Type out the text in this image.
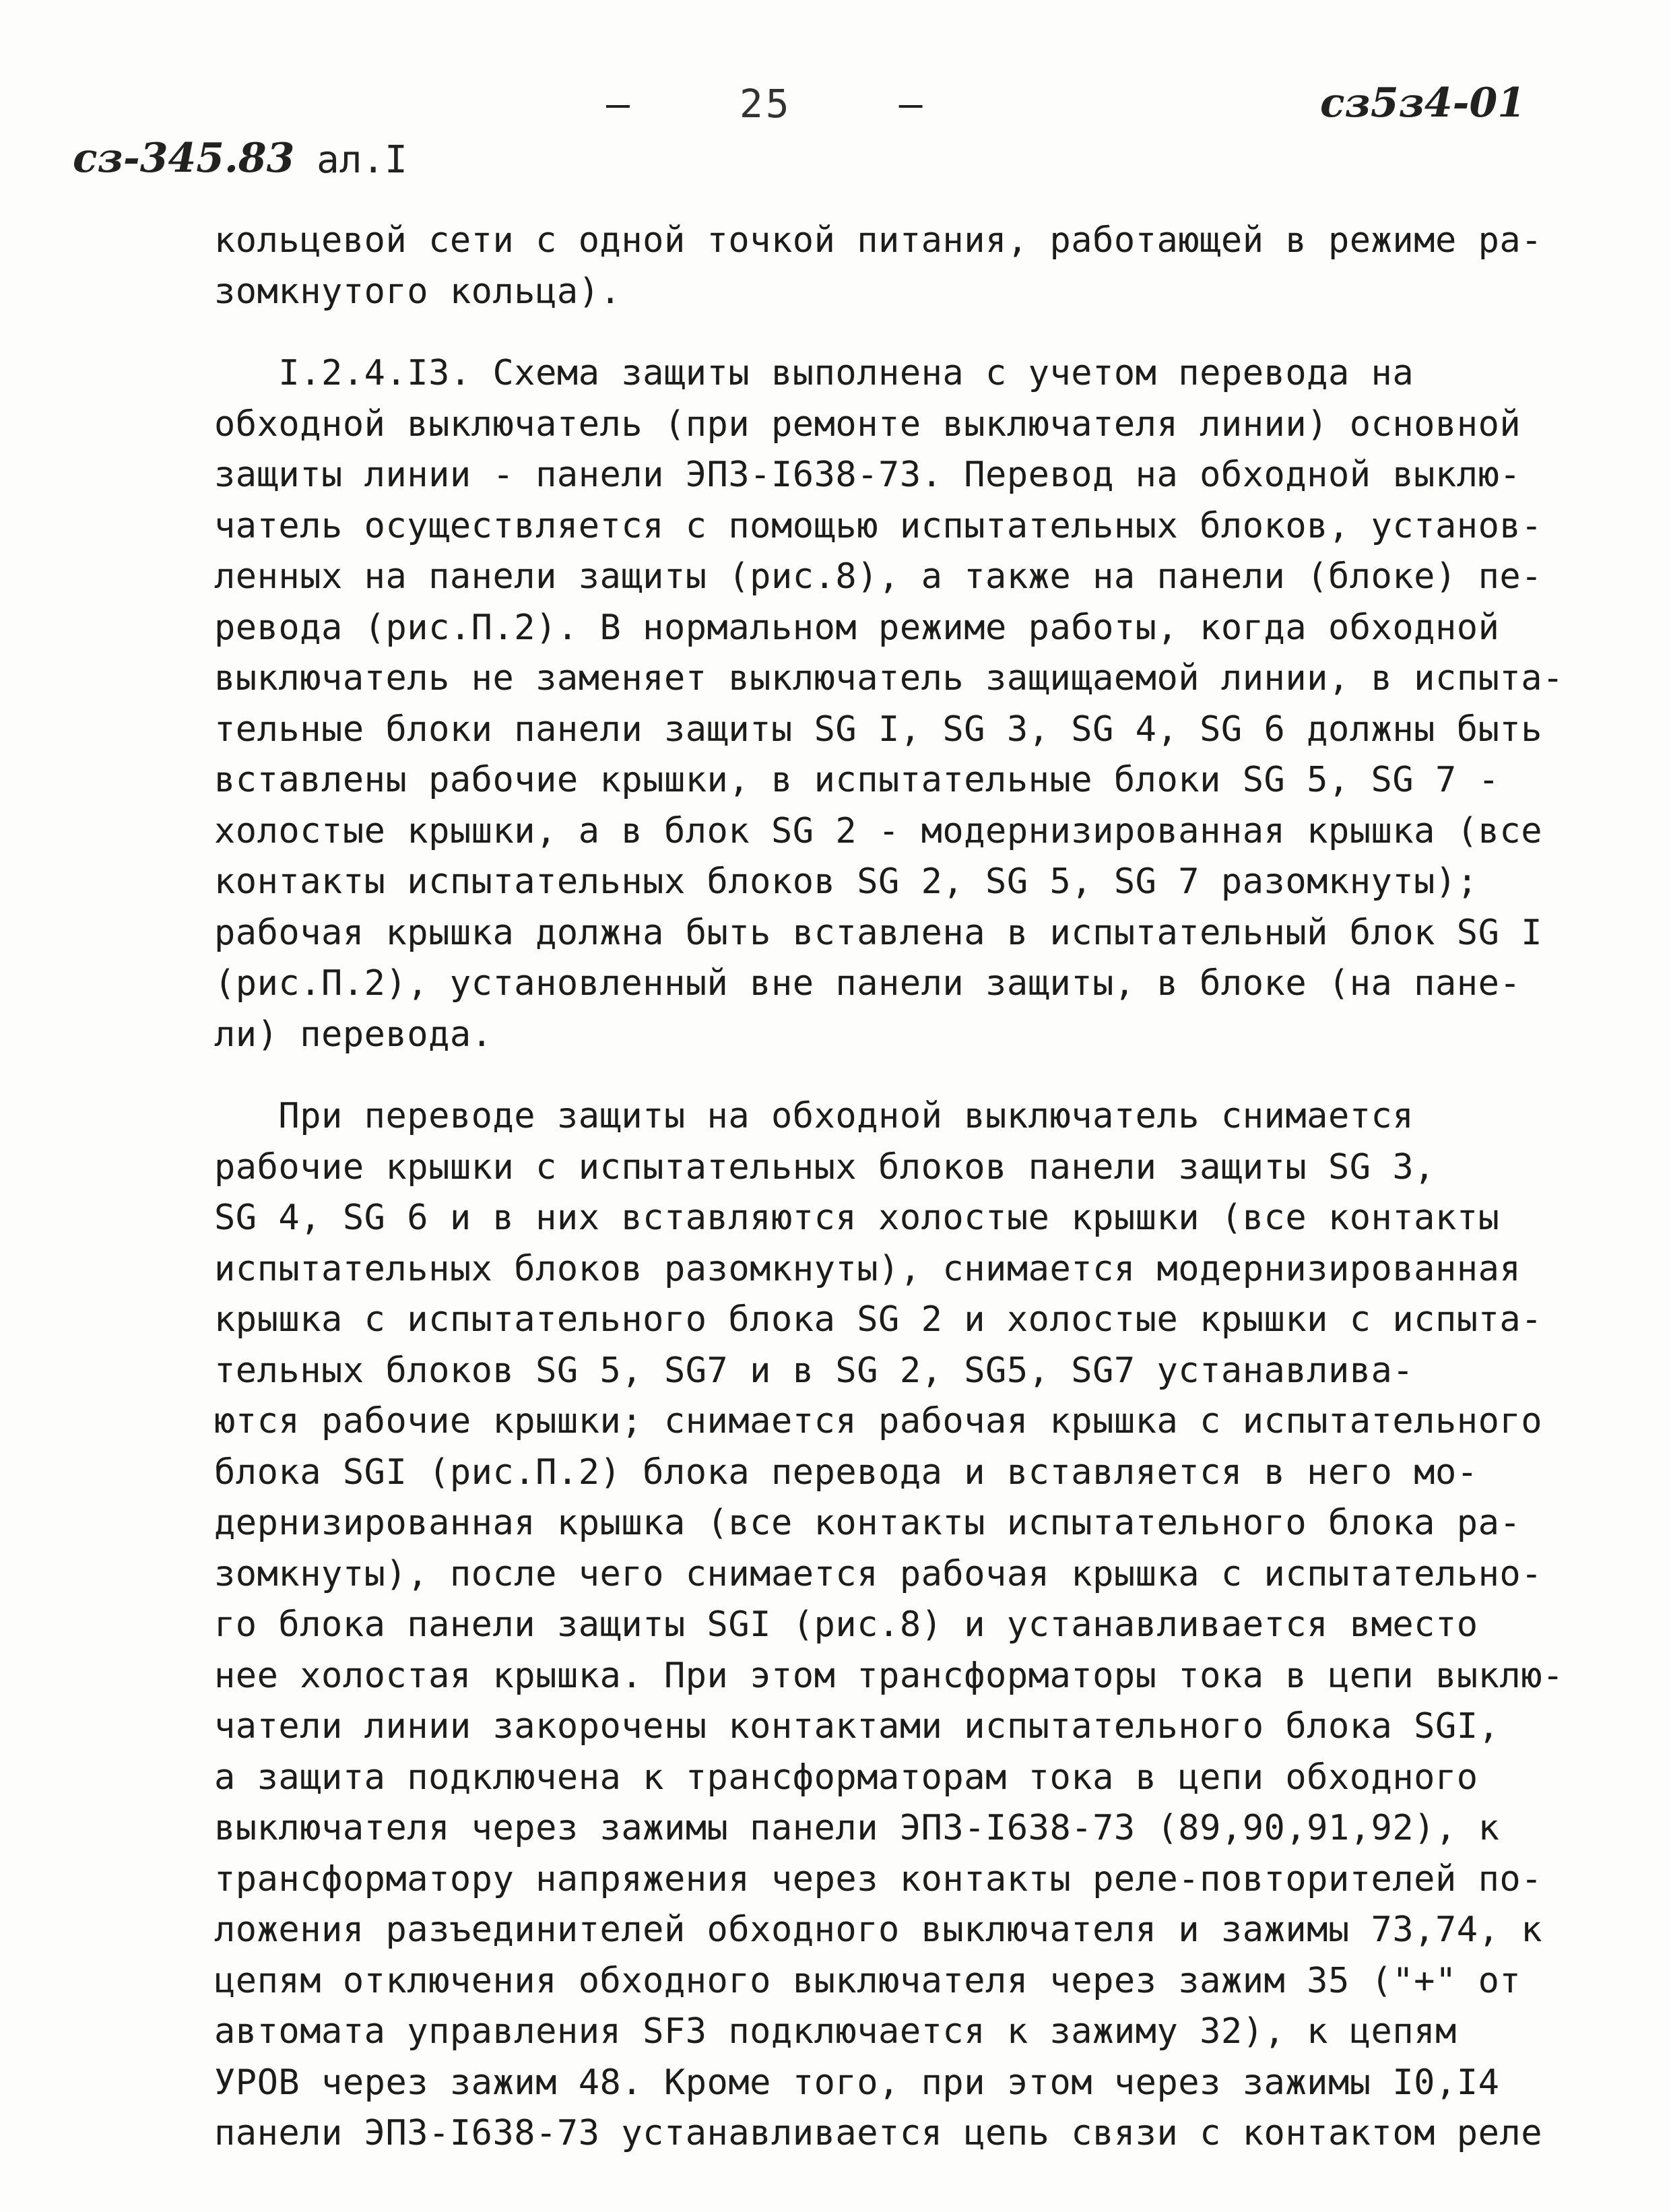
–	25	–	сз5з4-01
сз-345.83 ал.I
кольцевой сети с одной точкой питания, работающей в режиме ра-
зомкнутого кольца).
I.2.4.I3. Схема защиты выполнена с учетом перевода на
обходной выключатель (при ремонте выключателя линии) основной
защиты линии - панели ЭПЗ-I638-73. Перевод на обходной выклю-
чатель осуществляется с помощью испытательных блоков, установ-
ленных на панели защиты (рис.8), а также на панели (блоке) пе-
ревода (рис.П.2). В нормальном режиме работы, когда обходной
выключатель не заменяет выключатель защищаемой линии, в испыта-
тельные блоки панели защиты SG I, SG 3, SG 4, SG 6 должны быть
вставлены рабочие крышки, в испытательные блоки SG 5, SG 7 -
холостые крышки, а в блок SG 2 - модернизированная крышка (все
контакты испытательных блоков SG 2, SG 5, SG 7 разомкнуты);
рабочая крышка должна быть вставлена в испытательный блок SG I
(рис.П.2), установленный вне панели защиты, в блоке (на пане-
ли) перевода.
При переводе защиты на обходной выключатель снимается
рабочие крышки с испытательных блоков панели защиты SG 3,
SG 4, SG 6 и в них вставляются холостые крышки (все контакты
испытательных блоков разомкнуты), снимается модернизированная
крышка с испытательного блока SG 2 и холостые крышки с испыта-
тельных блоков SG 5, SG7 и в SG 2, SG5, SG7 устанавлива-
ются рабочие крышки; снимается рабочая крышка с испытательного
блока SGI (рис.П.2) блока перевода и вставляется в него мо-
дернизированная крышка (все контакты испытательного блока ра-
зомкнуты), после чего снимается рабочая крышка с испытательно-
го блока панели защиты SGI (рис.8) и устанавливается вместо
нее холостая крышка. При этом трансформаторы тока в цепи выклю-
чатели линии закорочены контактами испытательного блока SGI,
а защита подключена к трансформаторам тока в цепи обходного
выключателя через зажимы панели ЭПЗ-I638-73 (89,90,91,92), к
трансформатору напряжения через контакты реле-повторителей по-
ложения разъединителей обходного выключателя и зажимы 73,74, к
цепям отключения обходного выключателя через зажим 35 ("+" от
автомата управления SF3 подключается к зажиму 32), к цепям
УРОВ через зажим 48. Кроме того, при этом через зажимы I0,I4
панели ЭПЗ-I638-73 устанавливается цепь связи с контактом реле
